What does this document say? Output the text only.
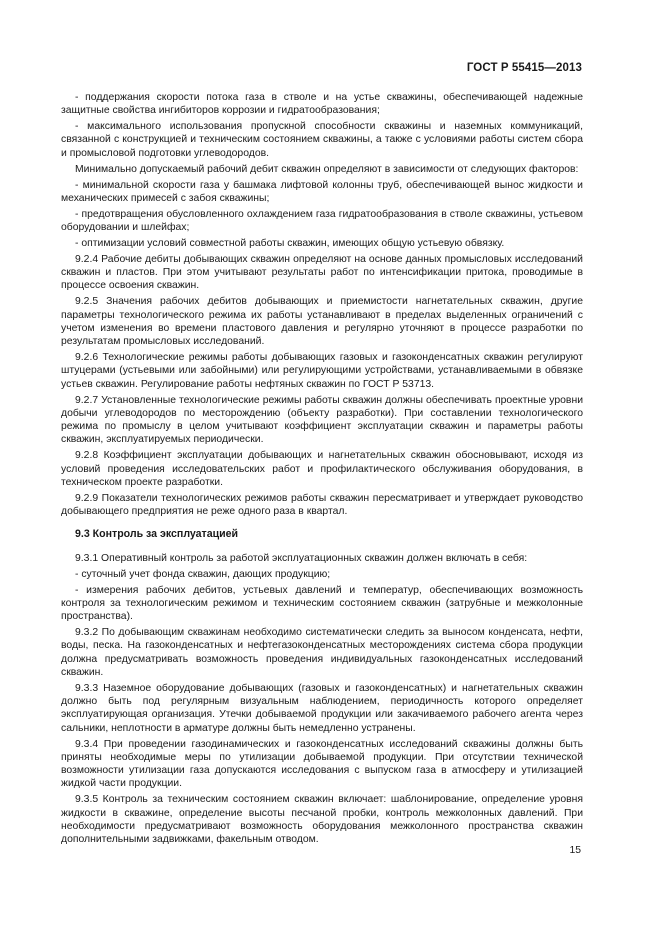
ГОСТ Р 55415—2013

- поддержания скорости потока газа в стволе и на устье скважины, обеспечивающей надежные защитные свойства ингибиторов коррозии и гидратообразования;

- максимального использования пропускной способности скважины и наземных коммуникаций, связанной с конструкцией и техническим состоянием скважины, а также с условиями работы систем сбора и промысловой подготовки углеводородов.

Минимально допускаемый рабочий дебит скважин определяют в зависимости от следующих факторов:

- минимальной скорости газа у башмака лифтовой колонны труб, обеспечивающей вынос жидкости и механических примесей с забоя скважины;

- предотвращения обусловленного охлаждением газа гидратообразования в стволе скважины, устьевом оборудовании и шлейфах;

- оптимизации условий совместной работы скважин, имеющих общую устьевую обвязку.

9.2.4 Рабочие дебиты добывающих скважин определяют на основе данных промысловых исследований скважин и пластов. При этом учитывают результаты работ по интенсификации притока, проводимые в процессе освоения скважин.

9.2.5 Значения рабочих дебитов добывающих и приемистости нагнетательных скважин, другие параметры технологического режима их работы устанавливают в пределах выделенных ограничений с учетом изменения во времени пластового давления и регулярно уточняют в процессе разработки по результатам промысловых исследований.

9.2.6 Технологические режимы работы добывающих газовых и газоконденсатных скважин регулируют штуцерами (устьевыми или забойными) или регулирующими устройствами, устанавливаемыми в обвязке устьев скважин. Регулирование работы нефтяных скважин по ГОСТ Р 53713.

9.2.7 Установленные технологические режимы работы скважин должны обеспечивать проектные уровни добычи углеводородов по месторождению (объекту разработки). При составлении технологического режима по промыслу в целом учитывают коэффициент эксплуатации скважин и параметры работы скважин, эксплуатируемых периодически.

9.2.8 Коэффициент эксплуатации добывающих и нагнетательных скважин обосновывают, исходя из условий проведения исследовательских работ и профилактического обслуживания оборудования, в техническом проекте разработки.

9.2.9 Показатели технологических режимов работы скважин пересматривает и утверждает руководство добывающего предприятия не реже одного раза в квартал.

9.3 Контроль за эксплуатацией

9.3.1 Оперативный контроль за работой эксплуатационных скважин должен включать в себя:

- суточный учет фонда скважин, дающих продукцию;

- измерения рабочих дебитов, устьевых давлений и температур, обеспечивающих возможность контроля за технологическим режимом и техническим состоянием скважин (затрубные и межколонные пространства).

9.3.2 По добывающим скважинам необходимо систематически следить за выносом конденсата, нефти, воды, песка. На газоконденсатных и нефтегазоконденсатных месторождениях система сбора продукции должна предусматривать возможность проведения индивидуальных газоконденсатных исследований скважин.

9.3.3 Наземное оборудование добывающих (газовых и газоконденсатных) и нагнетательных скважин должно быть под регулярным визуальным наблюдением, периодичность которого определяет эксплуатирующая организация. Утечки добываемой продукции или закачиваемого рабочего агента через сальники, неплотности в арматуре должны быть немедленно устранены.

9.3.4 При проведении газодинамических и газоконденсатных исследований скважины должны быть приняты необходимые меры по утилизации добываемой продукции. При отсутствии технической возможности утилизации газа допускаются исследования с выпуском газа в атмосферу и утилизацией жидкой части продукции.

9.3.5 Контроль за техническим состоянием скважин включает: шаблонирование, определение уровня жидкости в скважине, определение высоты песчаной пробки, контроль межколонных давлений. При необходимости предусматривают возможность оборудования межколонного пространства скважин дополнительными задвижками, факельным отводом.

15
